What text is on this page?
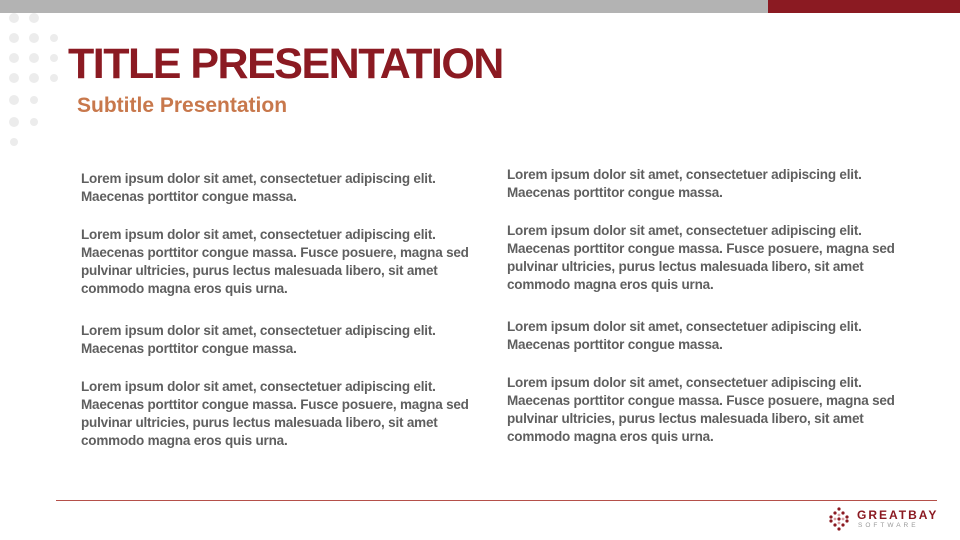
TITLE PRESENTATION
Subtitle Presentation

Lorem ipsum dolor sit amet, consectetuer adipiscing elit. Maecenas porttitor congue massa.

Lorem ipsum dolor sit amet, consectetuer adipiscing elit. Maecenas porttitor congue massa. Fusce posuere, magna sed pulvinar ultricies, purus lectus malesuada libero, sit amet commodo magna eros quis urna.

Lorem ipsum dolor sit amet, consectetuer adipiscing elit. Maecenas porttitor congue massa.

Lorem ipsum dolor sit amet, consectetuer adipiscing elit. Maecenas porttitor congue massa. Fusce posuere, magna sed pulvinar ultricies, purus lectus malesuada libero, sit amet commodo magna eros quis urna.

Lorem ipsum dolor sit amet, consectetuer adipiscing elit. Maecenas porttitor congue massa.

Lorem ipsum dolor sit amet, consectetuer adipiscing elit. Maecenas porttitor congue massa. Fusce posuere, magna sed pulvinar ultricies, purus lectus malesuada libero, sit amet commodo magna eros quis urna.

Lorem ipsum dolor sit amet, consectetuer adipiscing elit. Maecenas porttitor congue massa.

Lorem ipsum dolor sit amet, consectetuer adipiscing elit. Maecenas porttitor congue massa. Fusce posuere, magna sed pulvinar ultricies, purus lectus malesuada libero, sit amet commodo magna eros quis urna.

GREATBAY
SOFTWARE
